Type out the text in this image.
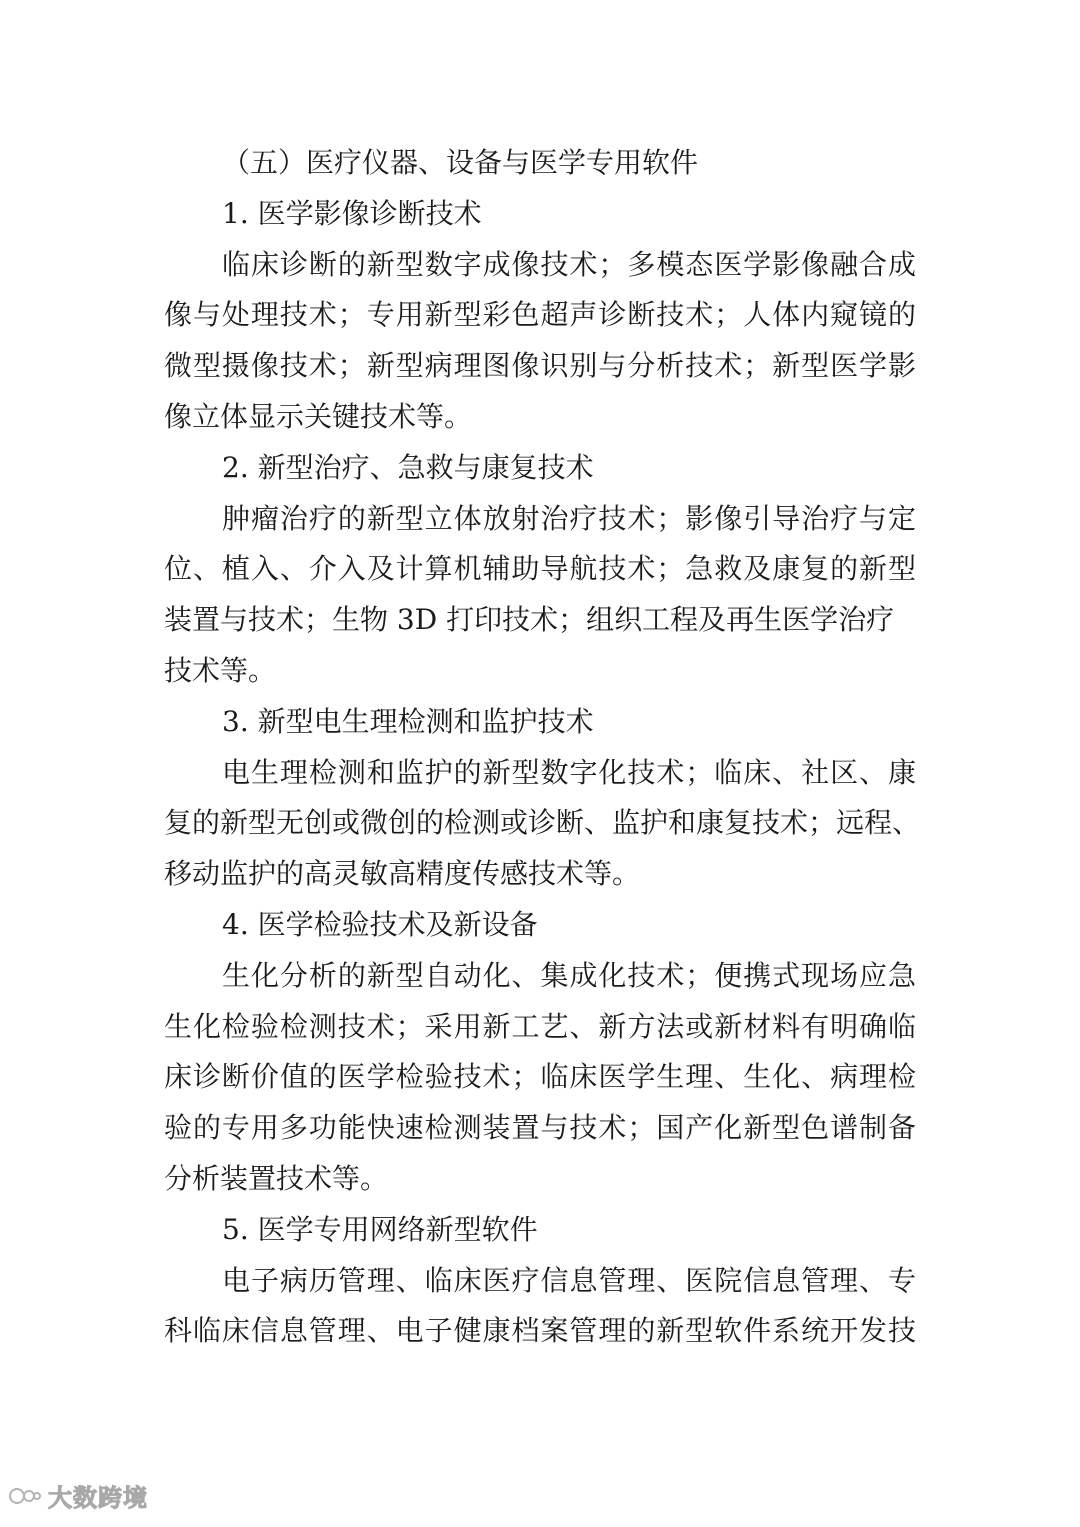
（五）医疗仪器、设备与医学专用软件
1. 医学影像诊断技术
临床诊断的新型数字成像技术；多模态医学影像融合成
像与处理技术；专用新型彩色超声诊断技术；人体内窥镜的
微型摄像技术；新型病理图像识别与分析技术；新型医学影
像立体显示关键技术等。
2. 新型治疗、急救与康复技术
肿瘤治疗的新型立体放射治疗技术；影像引导治疗与定
位、植入、介入及计算机辅助导航技术；急救及康复的新型
装置与技术；生物 3D 打印技术；组织工程及再生医学治疗
技术等。
3. 新型电生理检测和监护技术
电生理检测和监护的新型数字化技术；临床、社区、康
复的新型无创或微创的检测或诊断、监护和康复技术；远程、
移动监护的高灵敏高精度传感技术等。
4. 医学检验技术及新设备
生化分析的新型自动化、集成化技术；便携式现场应急
生化检验检测技术；采用新工艺、新方法或新材料有明确临
床诊断价值的医学检验技术；临床医学生理、生化、病理检
验的专用多功能快速检测装置与技术；国产化新型色谱制备
分析装置技术等。
5. 医学专用网络新型软件
电子病历管理、临床医疗信息管理、医院信息管理、专
科临床信息管理、电子健康档案管理的新型软件系统开发技
大数跨境
